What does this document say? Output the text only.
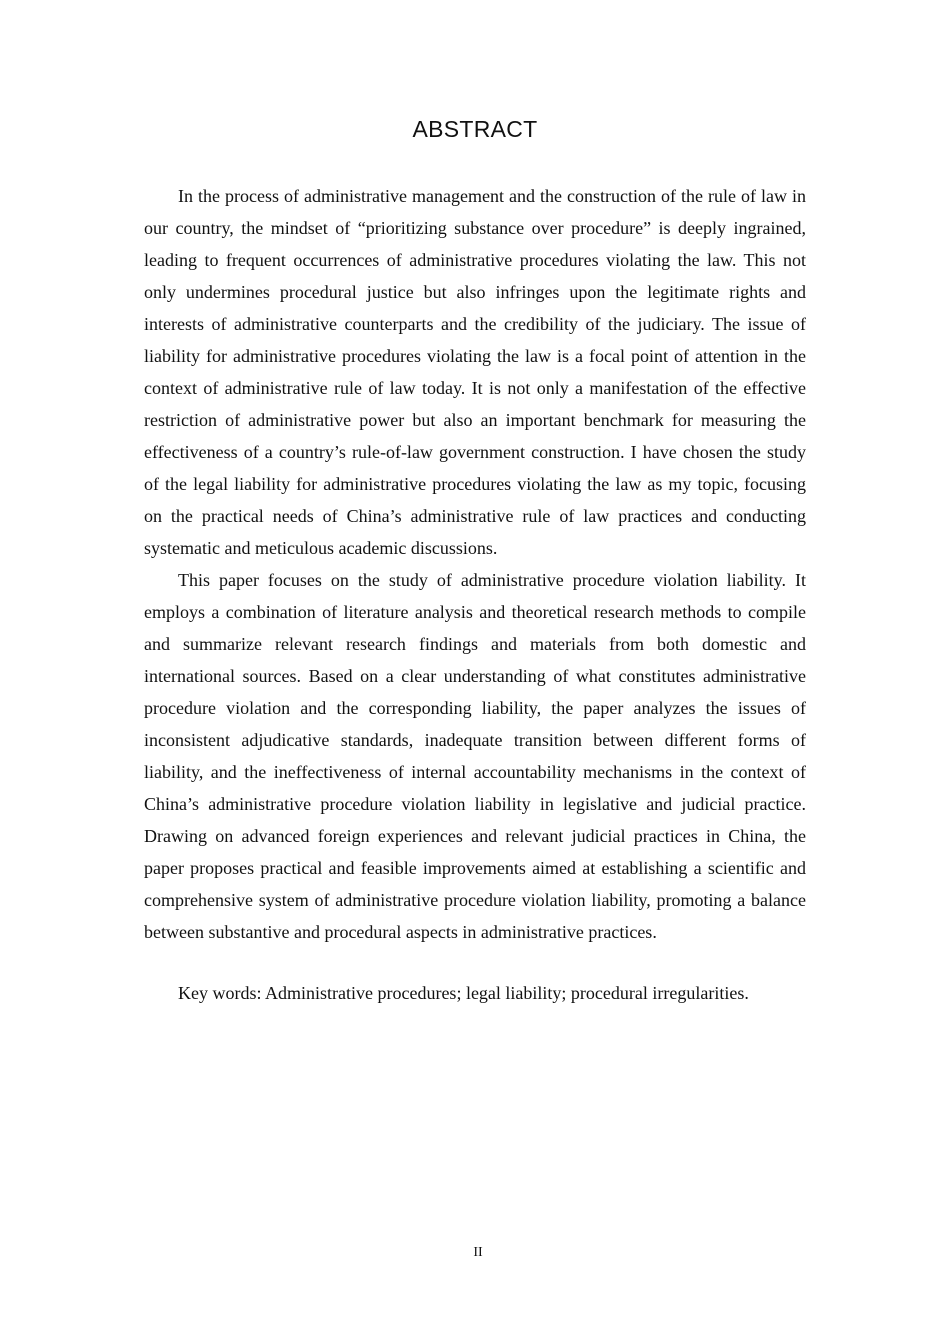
ABSTRACT

In the process of administrative management and the construction of the rule of law in our country, the mindset of “prioritizing substance over procedure” is deeply ingrained, leading to frequent occurrences of administrative procedures violating the law. This not only undermines procedural justice but also infringes upon the legitimate rights and interests of administrative counterparts and the credibility of the judiciary. The issue of liability for administrative procedures violating the law is a focal point of attention in the context of administrative rule of law today. It is not only a manifestation of the effective restriction of administrative power but also an important benchmark for measuring the effectiveness of a country’s rule-of-law government construction. I have chosen the study of the legal liability for administrative procedures violating the law as my topic, focusing on the practical needs of China’s administrative rule of law practices and conducting systematic and meticulous academic discussions.

This paper focuses on the study of administrative procedure violation liability. It employs a combination of literature analysis and theoretical research methods to compile and summarize relevant research findings and materials from both domestic and international sources. Based on a clear understanding of what constitutes administrative procedure violation and the corresponding liability, the paper analyzes the issues of inconsistent adjudicative standards, inadequate transition between different forms of liability, and the ineffectiveness of internal accountability mechanisms in the context of China’s administrative procedure violation liability in legislative and judicial practice. Drawing on advanced foreign experiences and relevant judicial practices in China, the paper proposes practical and feasible improvements aimed at establishing a scientific and comprehensive system of administrative procedure violation liability, promoting a balance between substantive and procedural aspects in administrative practices.

Key words: Administrative procedures; legal liability; procedural irregularities.

II
